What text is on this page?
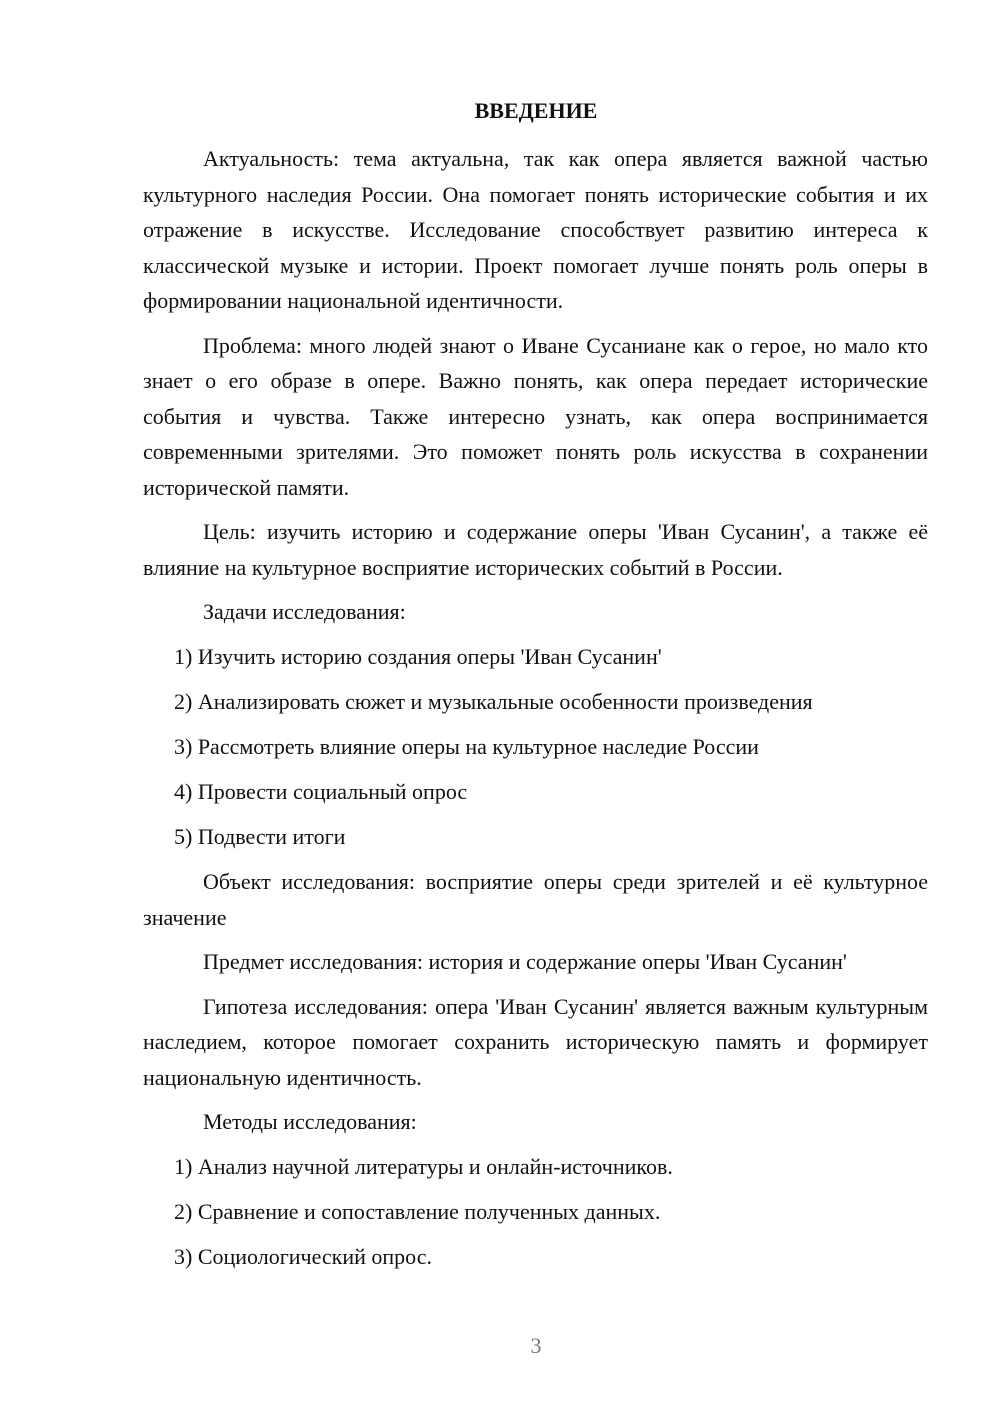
ВВЕДЕНИЕ

Актуальность: тема актуальна, так как опера является важной частью культурного наследия России. Она помогает понять исторические события и их отражение в искусстве. Исследование способствует развитию интереса к классической музыке и истории. Проект помогает лучше понять роль оперы в формировании национальной идентичности.

Проблема: много людей знают о Иване Сусаниане как о герое, но мало кто знает о его образе в опере. Важно понять, как опера передает исторические события и чувства. Также интересно узнать, как опера воспринимается современными зрителями. Это поможет понять роль искусства в сохранении исторической памяти.

Цель: изучить историю и содержание оперы 'Иван Сусанин', а также её влияние на культурное восприятие исторических событий в России.

Задачи исследования:

1) Изучить историю создания оперы 'Иван Сусанин'
2) Анализировать сюжет и музыкальные особенности произведения
3) Рассмотреть влияние оперы на культурное наследие России
4) Провести социальный опрос
5) Подвести итоги

Объект исследования: восприятие оперы среди зрителей и её культурное значение

Предмет исследования: история и содержание оперы 'Иван Сусанин'

Гипотеза исследования: опера 'Иван Сусанин' является важным культурным наследием, которое помогает сохранить историческую память и формирует национальную идентичность.

Методы исследования:

1) Анализ научной литературы и онлайн-источников.
2) Сравнение и сопоставление полученных данных.
3) Социологический опрос.
3
